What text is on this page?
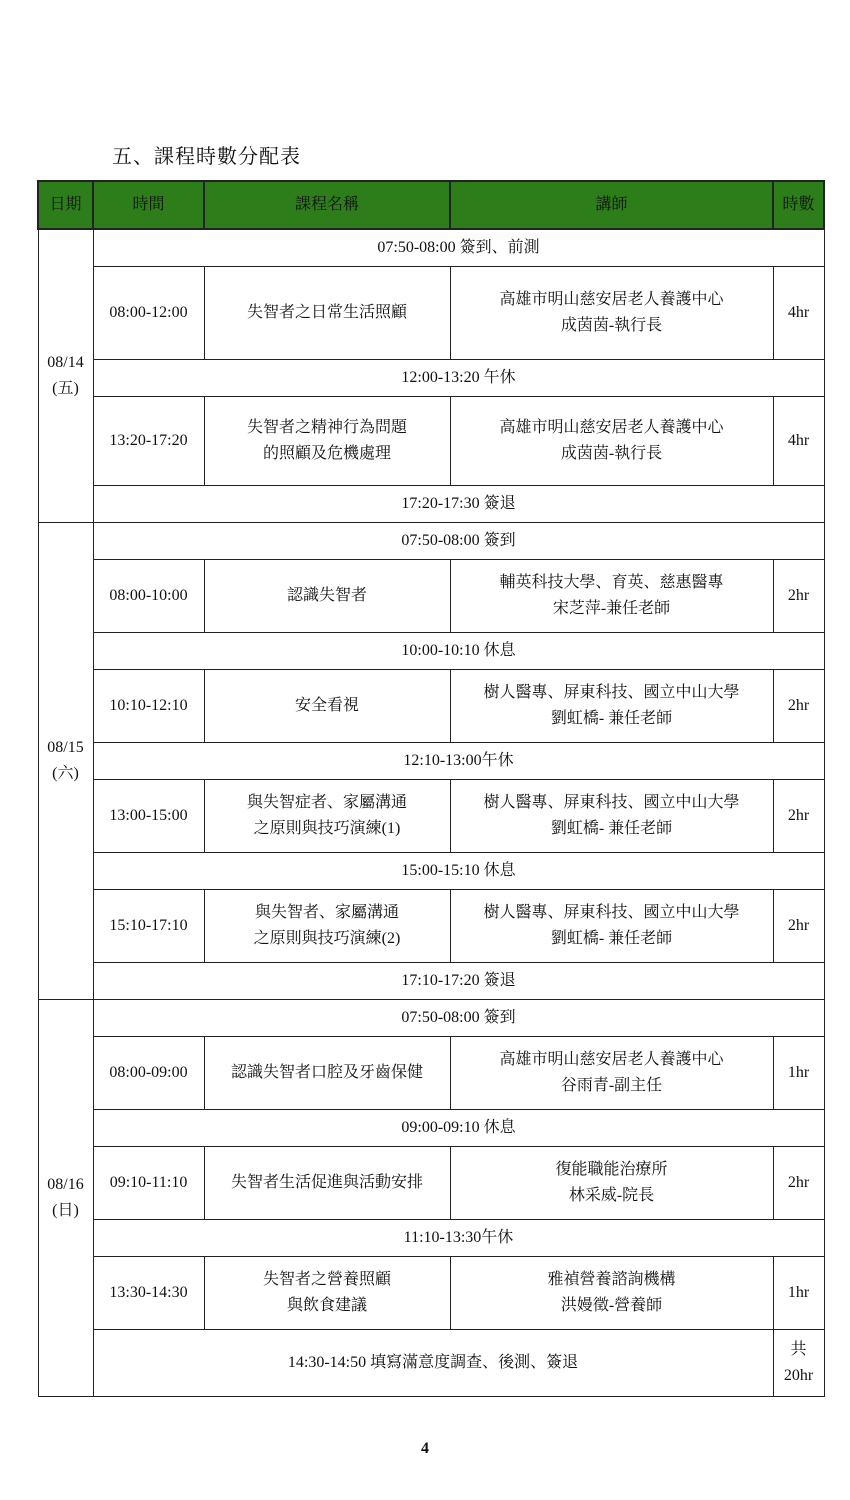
五、課程時數分配表
日期	時間	課程名稱	講師	時數

08/14
(五)	07:50-08:00 簽到、前測			
	08:00-12:00	失智者之日常生活照顧	高雄市明山慈安居老人養護中心
成茵茵-執行長	4hr
	12:00-13:20 午休			
	13:20-17:20	失智者之精神行為問題
的照顧及危機處理	高雄市明山慈安居老人養護中心
成茵茵-執行長	4hr
	17:20-17:30 簽退			

08/15
(六)	07:50-08:00 簽到			
	08:00-10:00	認識失智者	輔英科技大學、育英、慈惠醫專
宋芝萍-兼任老師	2hr
	10:00-10:10 休息			
	10:10-12:10	安全看視	樹人醫專、屏東科技、國立中山大學
劉虹橋- 兼任老師	2hr
	12:10-13:00午休			
	13:00-15:00	與失智症者、家屬溝通
之原則與技巧演練(1)	樹人醫專、屏東科技、國立中山大學
劉虹橋- 兼任老師	2hr
	15:00-15:10 休息			
	15:10-17:10	與失智者、家屬溝通
之原則與技巧演練(2)	樹人醫專、屏東科技、國立中山大學
劉虹橋- 兼任老師	2hr
	17:10-17:20 簽退			

08/16
(日)	07:50-08:00 簽到			
	08:00-09:00	認識失智者口腔及牙齒保健	高雄市明山慈安居老人養護中心
谷雨青-副主任	1hr
	09:00-09:10 休息			
	09:10-11:10	失智者生活促進與活動安排	復能職能治療所
林采威-院長	2hr
	11:10-13:30午休			
	13:30-14:30	失智者之營養照顧
與飲食建議	雅禎營養諮詢機構
洪嫚徵-營養師	1hr
	14:30-14:50 填寫滿意度調查、後測、簽退			共
20hr
4
